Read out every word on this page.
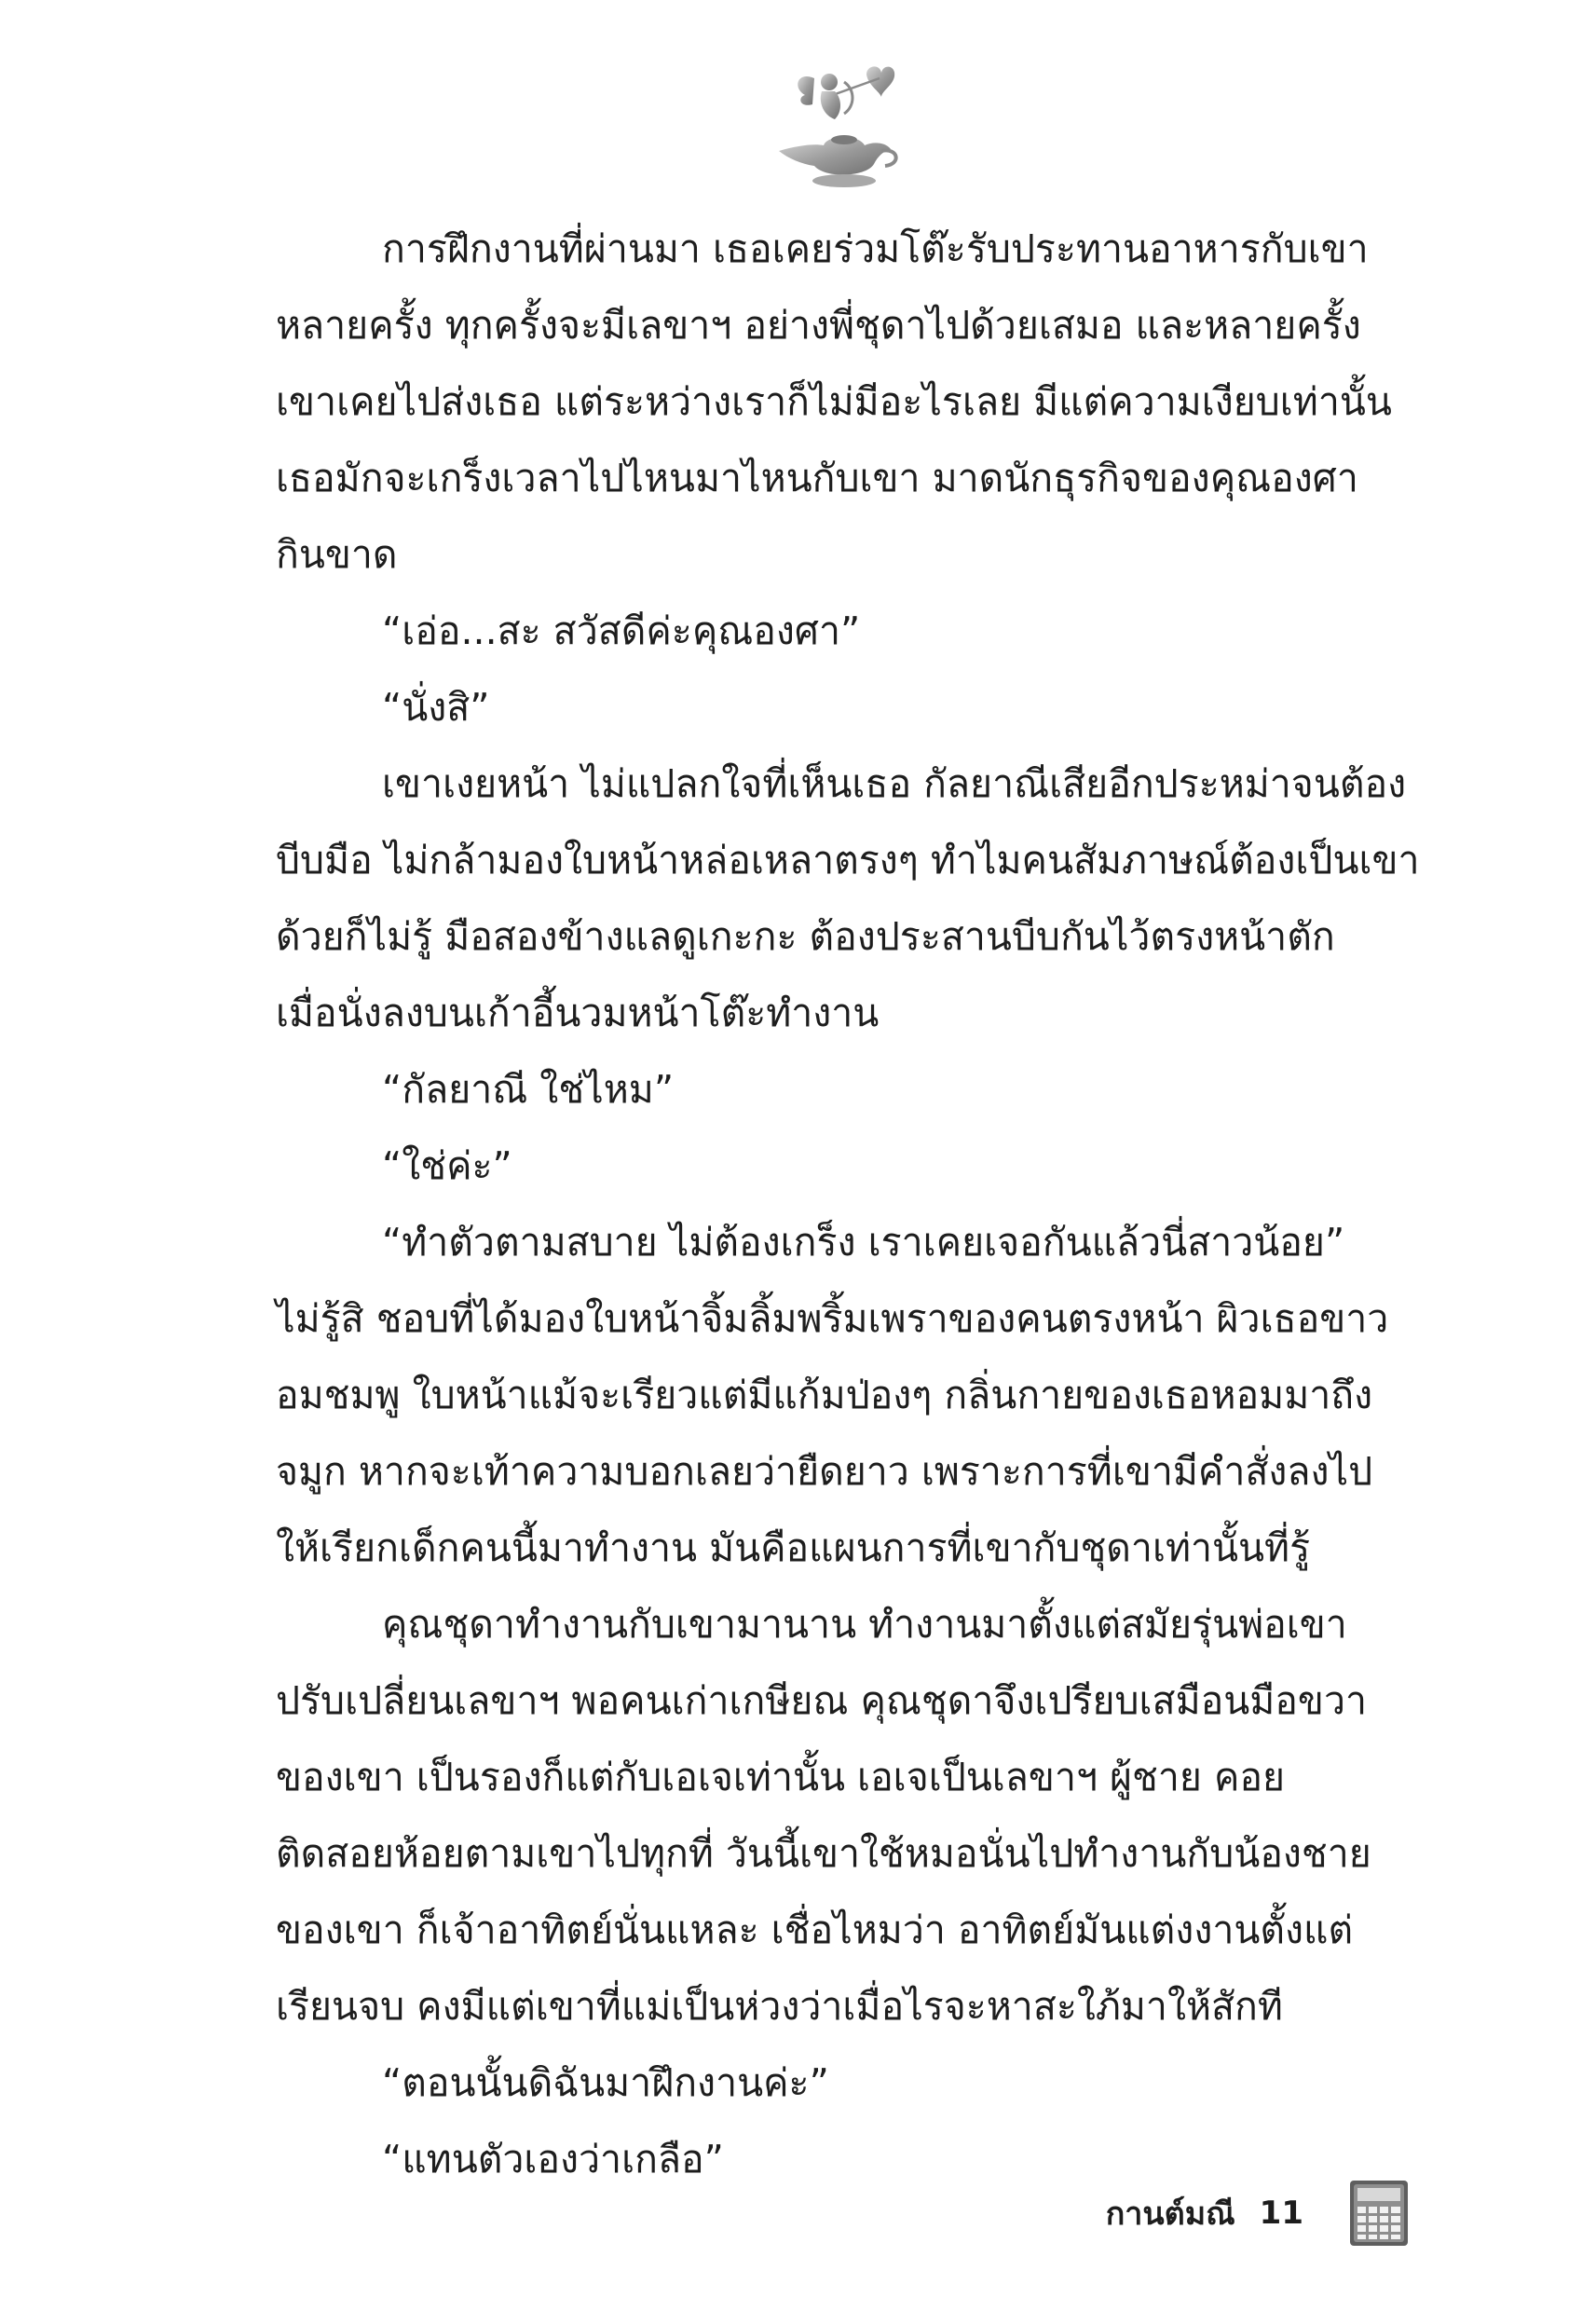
การฝึกงานที่ผ่านมา เธอเคยร่วมโต๊ะรับประทานอาหารกับเขา
หลายครั้ง ทุกครั้งจะมีเลขาฯ อย่างพี่ชุดาไปด้วยเสมอ และหลายครั้ง
เขาเคยไปส่งเธอ แต่ระหว่างเราก็ไม่มีอะไรเลย มีแต่ความเงียบเท่านั้น
เธอมักจะเกร็งเวลาไปไหนมาไหนกับเขา มาดนักธุรกิจของคุณองศา
กินขาด
“เอ่อ...สะ สวัสดีค่ะคุณองศา”
“นั่งสิ”
เขาเงยหน้า ไม่แปลกใจที่เห็นเธอ กัลยาณีเสียอีกประหม่าจนต้อง
บีบมือ ไม่กล้ามองใบหน้าหล่อเหลาตรงๆ ทำไมคนสัมภาษณ์ต้องเป็นเขา
ด้วยก็ไม่รู้ มือสองข้างแลดูเกะกะ ต้องประสานบีบกันไว้ตรงหน้าตัก
เมื่อนั่งลงบนเก้าอี้นวมหน้าโต๊ะทำงาน
“กัลยาณี ใช่ไหม”
“ใช่ค่ะ”
“ทำตัวตามสบาย ไม่ต้องเกร็ง เราเคยเจอกันแล้วนี่สาวน้อย”
ไม่รู้สิ ชอบที่ได้มองใบหน้าจิ้มลิ้มพริ้มเพราของคนตรงหน้า ผิวเธอขาว
อมชมพู ใบหน้าแม้จะเรียวแต่มีแก้มป่องๆ กลิ่นกายของเธอหอมมาถึง
จมูก หากจะเท้าความบอกเลยว่ายืดยาว เพราะการที่เขามีคำสั่งลงไป
ให้เรียกเด็กคนนี้มาทำงาน มันคือแผนการที่เขากับชุดาเท่านั้นที่รู้
คุณชุดาทำงานกับเขามานาน ทำงานมาตั้งแต่สมัยรุ่นพ่อเขา
ปรับเปลี่ยนเลขาฯ พอคนเก่าเกษียณ คุณชุดาจึงเปรียบเสมือนมือขวา
ของเขา เป็นรองก็แต่กับเอเจเท่านั้น เอเจเป็นเลขาฯ ผู้ชาย คอย
ติดสอยห้อยตามเขาไปทุกที่ วันนี้เขาใช้หมอนั่นไปทำงานกับน้องชาย
ของเขา ก็เจ้าอาทิตย์นั่นแหละ เชื่อไหมว่า อาทิตย์มันแต่งงานตั้งแต่
เรียนจบ คงมีแต่เขาที่แม่เป็นห่วงว่าเมื่อไรจะหาสะใภ้มาให้สักที
“ตอนนั้นดิฉันมาฝึกงานค่ะ”
“แทนตัวเองว่าเกลือ”
กานต์มณี 11
